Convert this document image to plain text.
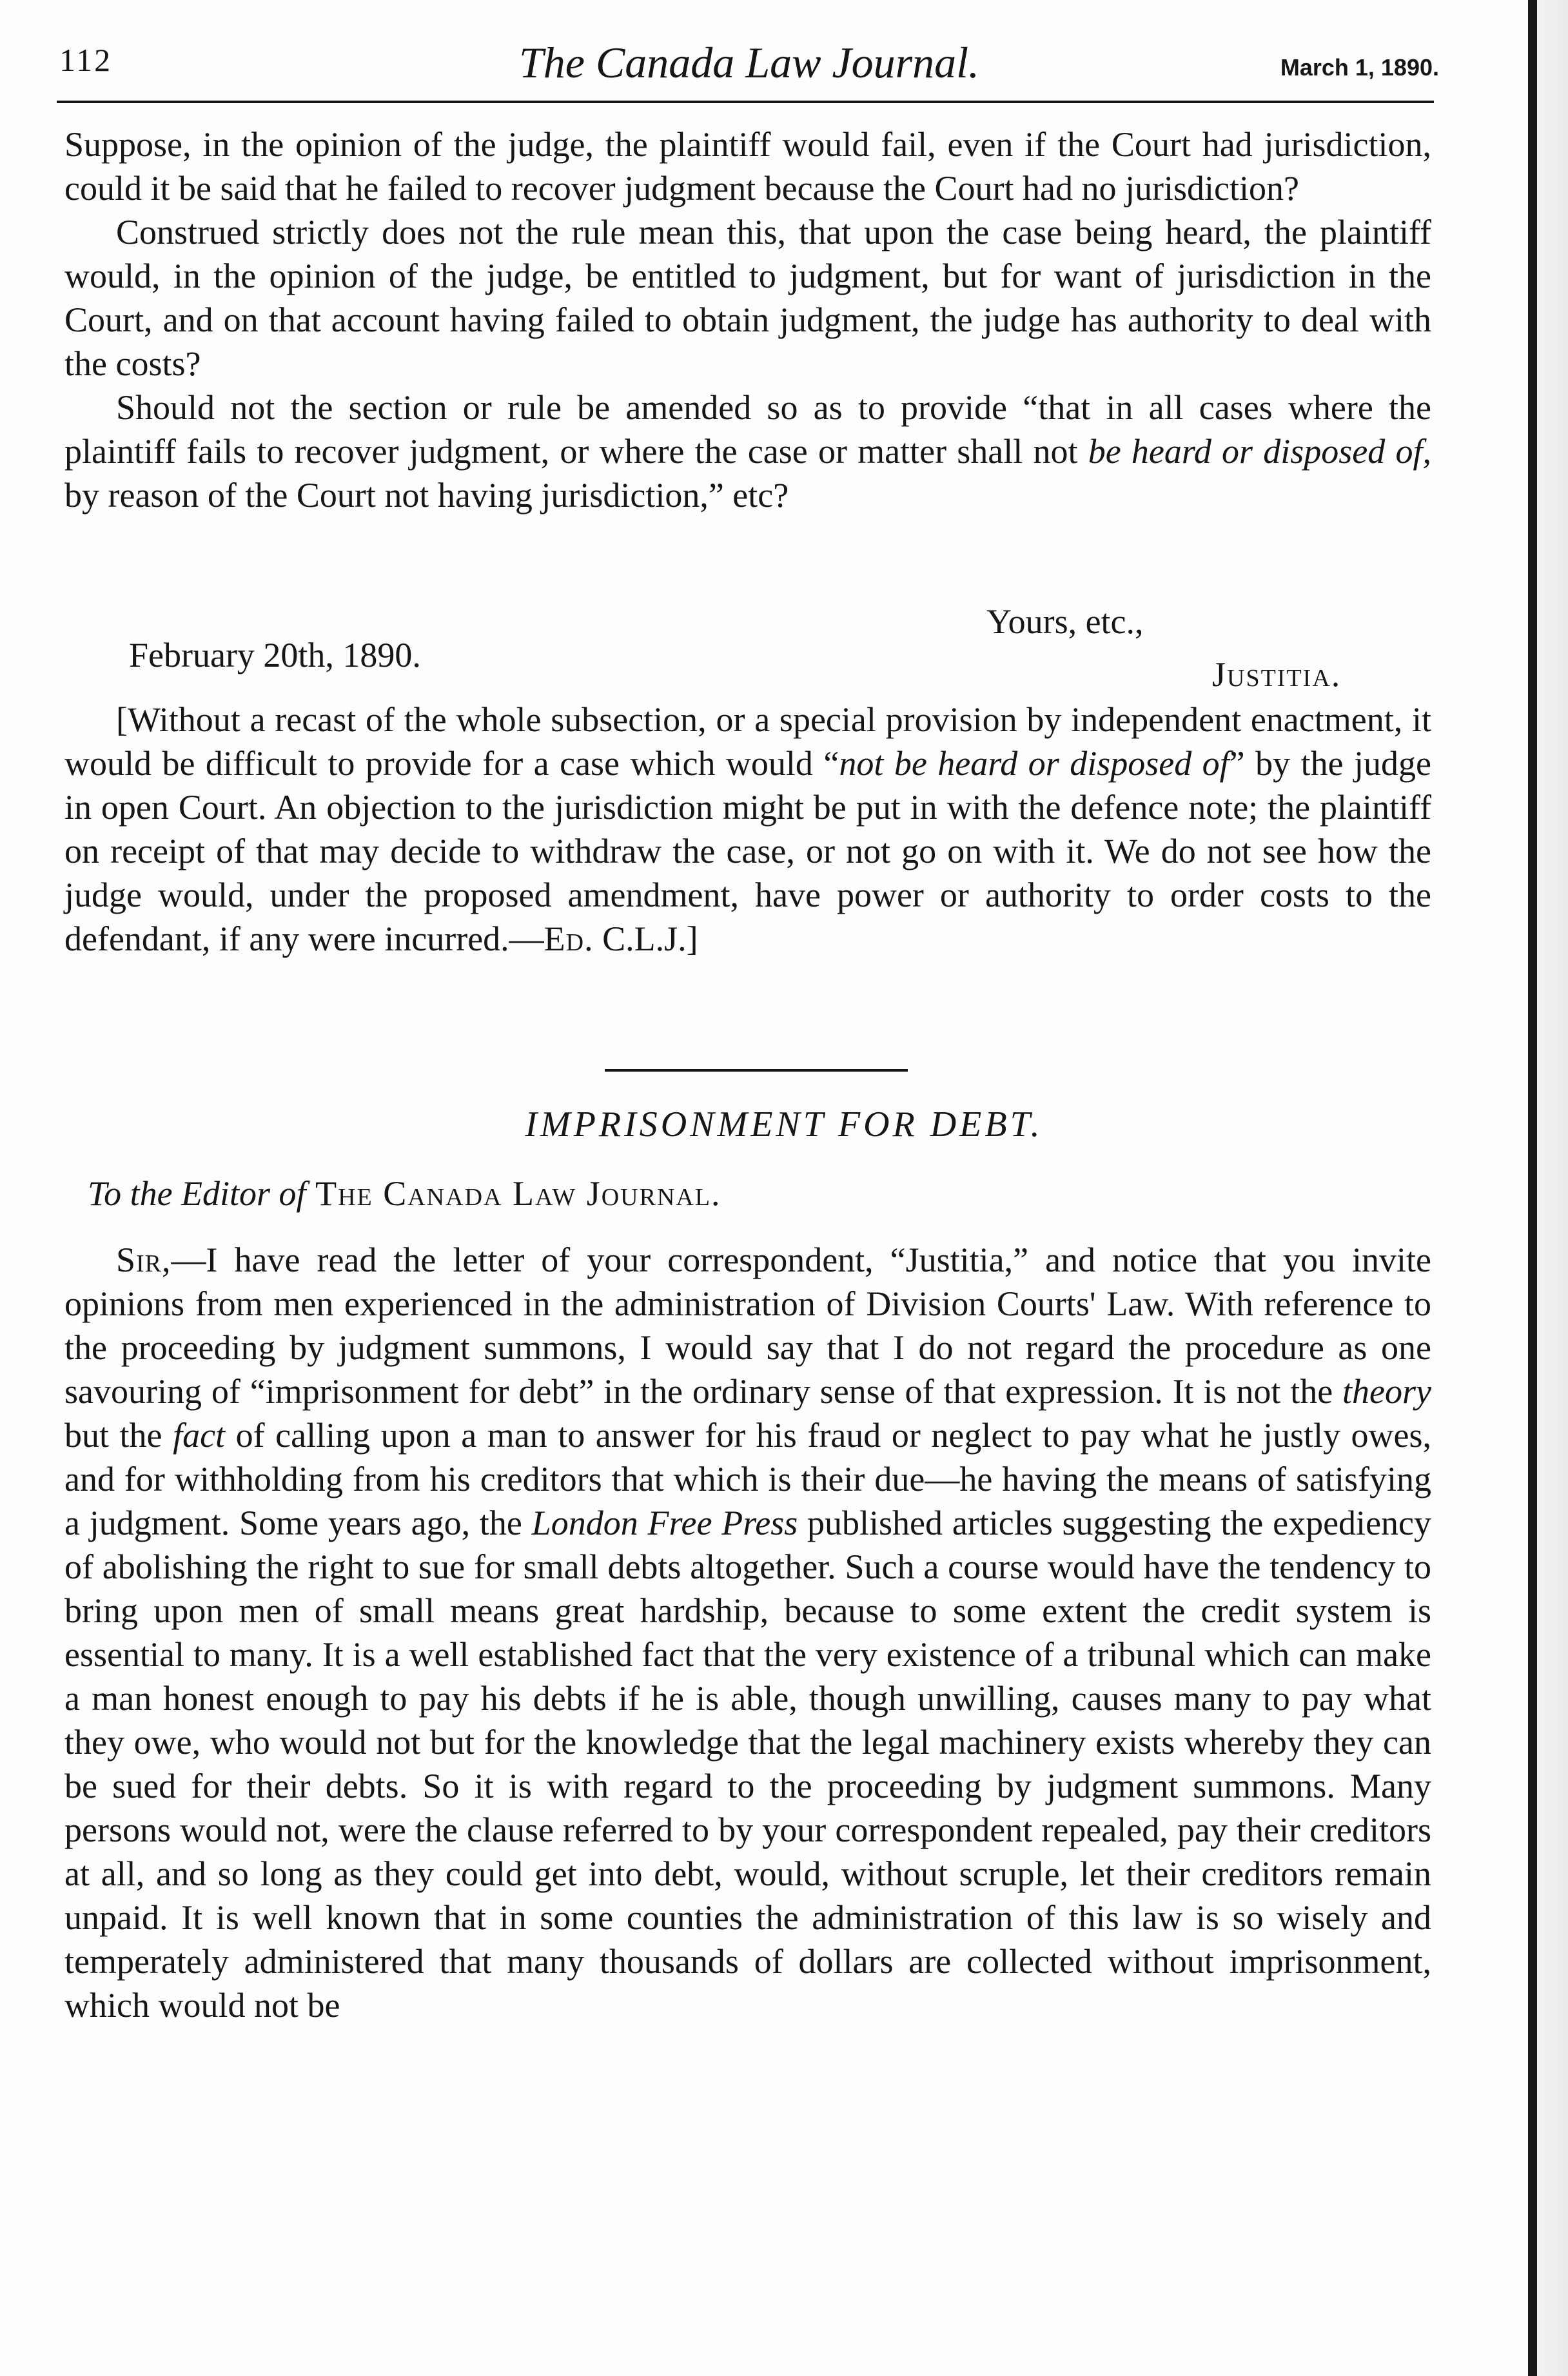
112	The Canada Law Journal.	March 1, 1890.

Suppose, in the opinion of the judge, the plaintiff would fail, even if the Court had jurisdiction, could it be said that he failed to recover judgment because the Court had no jurisdiction?

Construed strictly does not the rule mean this, that upon the case being heard, the plaintiff would, in the opinion of the judge, be entitled to judgment, but for want of jurisdiction in the Court, and on that account having failed to obtain judgment, the judge has authority to deal with the costs?

Should not the section or rule be amended so as to provide “that in all cases where the plaintiff fails to recover judgment, or where the case or matter shall not be heard or disposed of, by reason of the Court not having jurisdiction,” etc?

Yours, etc.,
February 20th, 1890.	Justitia.

[Without a recast of the whole subsection, or a special provision by independent enactment, it would be difficult to provide for a case which would “not be heard or disposed of” by the judge in open Court. An objection to the jurisdiction might be put in with the defence note; the plaintiff on receipt of that may decide to withdraw the case, or not go on with it. We do not see how the judge would, under the proposed amendment, have power or authority to order costs to the defendant, if any were incurred.—Ed. C.L.J.]

IMPRISONMENT FOR DEBT.
To the Editor of The Canada Law Journal.

Sir,—I have read the letter of your correspondent, “Justitia,” and notice that you invite opinions from men experienced in the administration of Division Courts' Law. With reference to the proceeding by judgment summons, I would say that I do not regard the procedure as one savouring of “imprisonment for debt” in the ordinary sense of that expression. It is not the theory but the fact of calling upon a man to answer for his fraud or neglect to pay what he justly owes, and for withholding from his creditors that which is their due—he having the means of satisfying a judgment. Some years ago, the London Free Press published articles suggesting the expediency of abolishing the right to sue for small debts altogether. Such a course would have the tendency to bring upon men of small means great hardship, because to some extent the credit system is essential to many. It is a well established fact that the very existence of a tribunal which can make a man honest enough to pay his debts if he is able, though unwilling, causes many to pay what they owe, who would not but for the knowledge that the legal machinery exists whereby they can be sued for their debts. So it is with regard to the proceeding by judgment summons. Many persons would not, were the clause referred to by your correspondent repealed, pay their creditors at all, and so long as they could get into debt, would, without scruple, let their creditors remain unpaid. It is well known that in some counties the administration of this law is so wisely and temperately administered that many thousands of dollars are collected without imprisonment, which would not be
